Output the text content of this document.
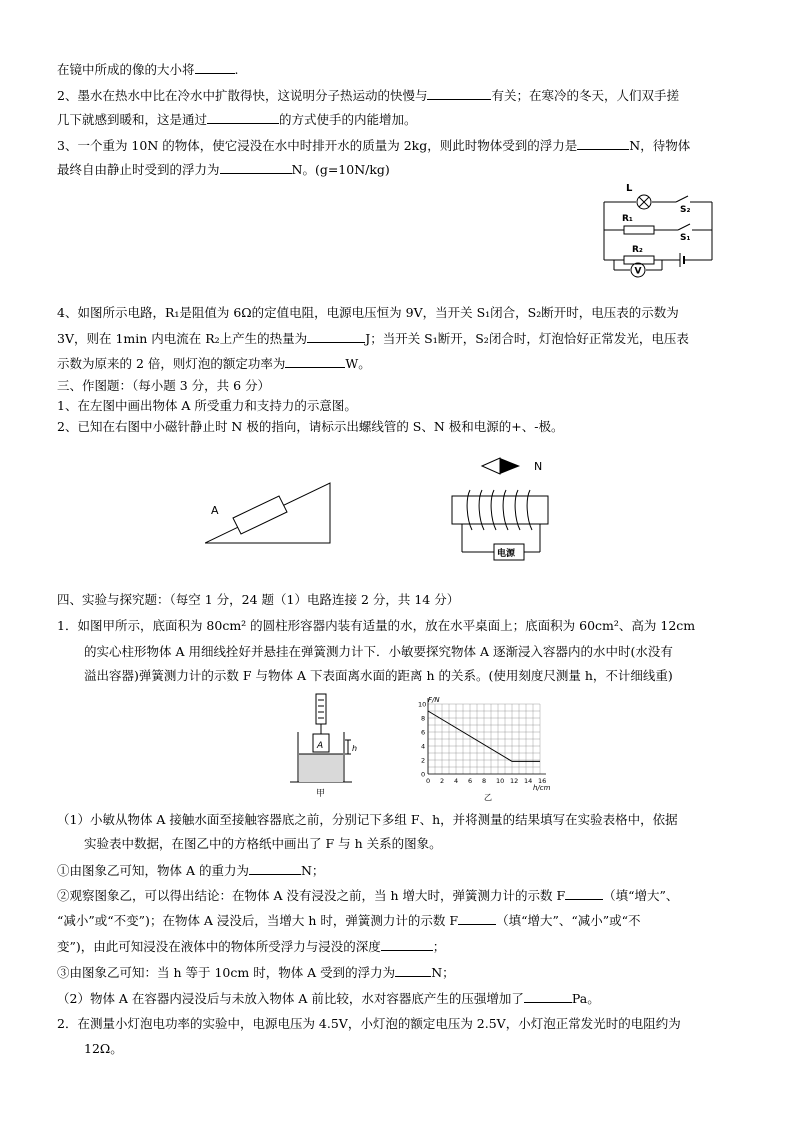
在镜中所成的像的大小将	.
2、墨水在热水中比在冷水中扩散得快，这说明分子热运动的快慢与	有关；在寒冷的冬天，人们双手搓
几下就感到暖和，这是通过	的方式使手的内能增加。
3、一个重为 10N 的物体，使它浸没在水中时排开水的质量为 2kg，则此时物体受到的浮力是	N，待物体
最终自由静止时受到的浮力为	N。(g=10N/kg)
L
S₂
R₁
S₁
R₂
V
4、如图所示电路，R₁是阻值为 6Ω的定值电阻，电源电压恒为 9V，当开关 S₁闭合，S₂断开时，电压表的示数为
3V，则在 1min 内电流在 R₂上产生的热量为	J；当开关 S₁断开，S₂闭合时，灯泡恰好正常发光，电压表
示数为原来的 2 倍，则灯泡的额定功率为	W。
三、作图题：（每小题 3 分，共 6 分）
1、在左图中画出物体 A 所受重力和支持力的示意图。
2、已知在右图中小磁针静止时 N 极的指向，请标示出螺线管的 S、N 极和电源的+、-极。
A
N
电源
四、实验与探究题：（每空 1 分，24 题（1）电路连接 2 分，共 14 分）
1．如图甲所示，底面积为 80cm² 的圆柱形容器内装有适量的水，放在水平桌面上；底面积为 60cm²、高为 12cm
的实心柱形物体 A 用细线拴好并悬挂在弹簧测力计下．小敏要探究物体 A 逐渐浸入容器内的水中时(水没有
溢出容器)弹簧测力计的示数 F 与物体 A 下表面离水面的距离 h 的关系。(使用刻度尺测量 h，不计细线重)
A	h
甲
0 2 4 6 8 10 12 14 16
0
2
4
6
8
10
F/N
h/cm
乙
（1）小敏从物体 A 接触水面至接触容器底之前，分别记下多组 F、h，并将测量的结果填写在实验表格中，依据
实验表中数据，在图乙中的方格纸中画出了 F 与 h 关系的图象。
①由图象乙可知，物体 A 的重力为	N；
②观察图象乙，可以得出结论：在物体 A 没有浸没之前，当 h 增大时，弹簧测力计的示数 F	（填“增大”、
“减小”或“不变”)；在物体 A 浸没后，当增大 h 时，弹簧测力计的示数 F	（填“增大”、“减小”或“不
变”)，由此可知浸没在液体中的物体所受浮力与浸没的深度	；
③由图象乙可知：当 h 等于 10cm 时，物体 A 受到的浮力为	N；
（2）物体 A 在容器内浸没后与未放入物体 A 前比较，水对容器底产生的压强增加了	Pa。
2．在测量小灯泡电功率的实验中，电源电压为 4.5V，小灯泡的额定电压为 2.5V，小灯泡正常发光时的电阻约为
12Ω。
